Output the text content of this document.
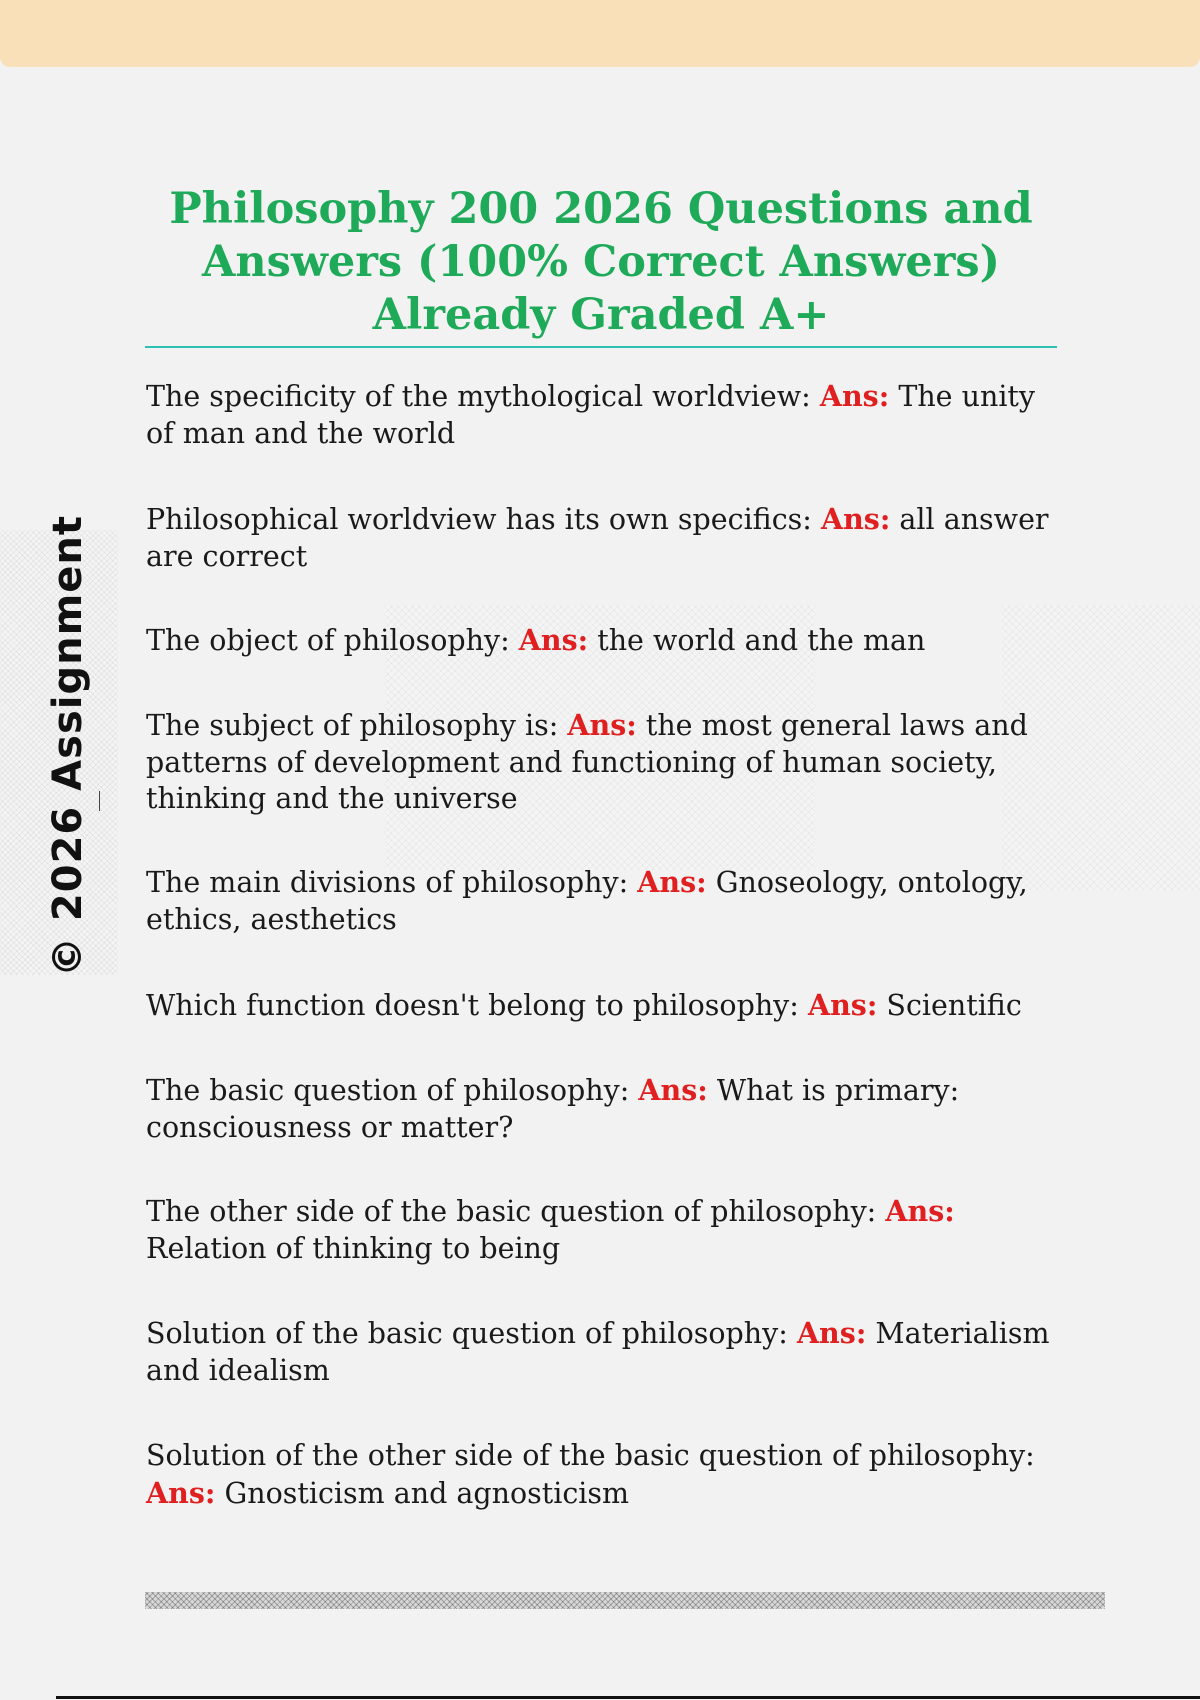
© 2026 Assignment
Philosophy 200 2026 Questions and Answers (100% Correct Answers) Already Graded A+

The specificity of the mythological worldview: Ans: The unity of man and the world

Philosophical worldview has its own specifics: Ans: all answer are correct

The object of philosophy: Ans: the world and the man

The subject of philosophy is: Ans: the most general laws and patterns of development and functioning of human society, thinking and the universe

The main divisions of philosophy: Ans: Gnoseology, ontology, ethics, aesthetics

Which function doesn't belong to philosophy: Ans: Scientific

The basic question of philosophy: Ans: What is primary: consciousness or matter?

The other side of the basic question of philosophy: Ans: Relation of thinking to being

Solution of the basic question of philosophy: Ans: Materialism and idealism

Solution of the other side of the basic question of philosophy: Ans: Gnosticism and agnosticism
